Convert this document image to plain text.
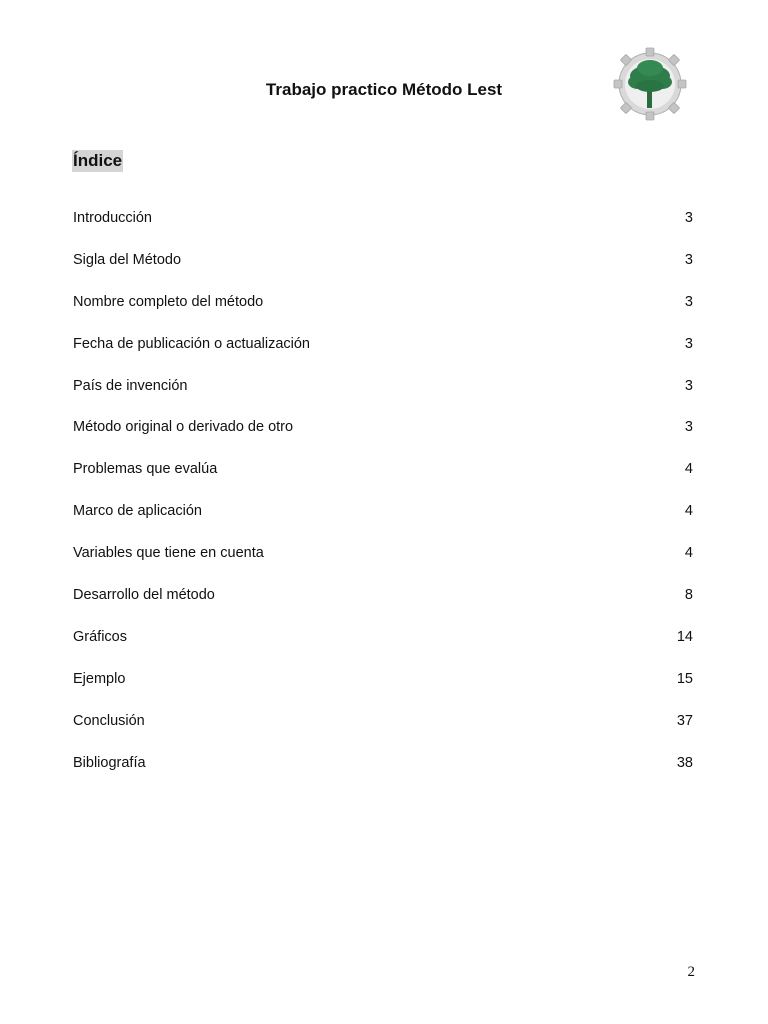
Trabajo practico Método Lest
Índice
Introducción	3
Sigla del Método	3
Nombre completo del método	3
Fecha de publicación o actualización	3
País de invención	3
Método original o derivado de otro	3
Problemas que evalúa	4
Marco de aplicación	4
Variables que tiene en cuenta	4
Desarrollo del método	8
Gráficos	14
Ejemplo	15
Conclusión	37
Bibliografía	38
2
